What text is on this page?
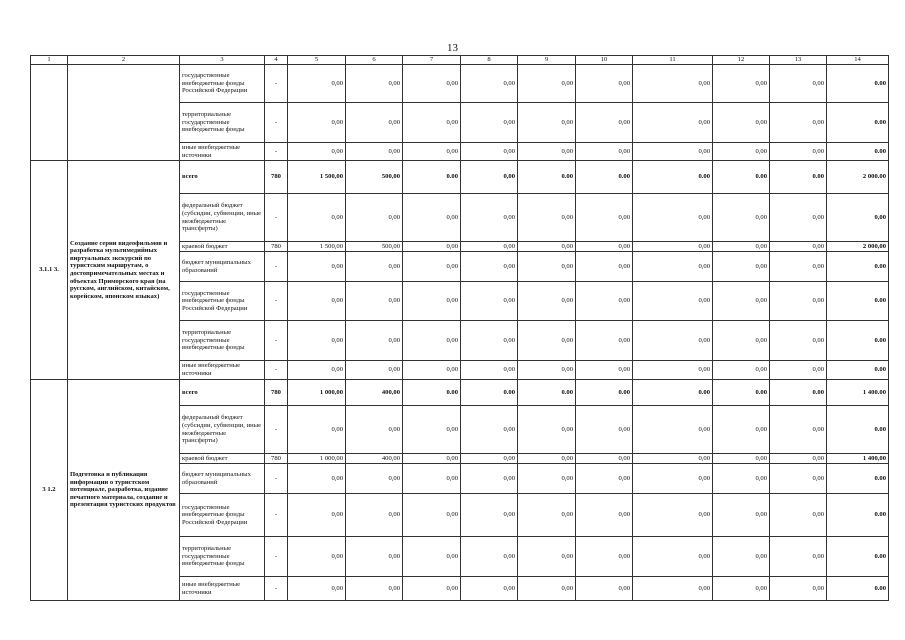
13
1	2	3	4	5	6	7	8	9	10	11	12	13	14
		государственные внебюджетные фонды Российской Федерации	-	0,00	0,00	0,00	0,00	0,00	0,00	0,00	0,00	0,00	0.00
		территориальные государственные внебюджетные фонды	-	0,00	0,00	0,00	0,00	0,00	0,00	0,00	0,00	0,00	0.00
		иные внебюджетные источники	-	0,00	0,00	0,00	0,00	0,00	0,00	0,00	0,00	0,00	0.00
3.1.1 3.	Создание серии видеофильмов и разработка мультимедийных виртуальных экскурсий по туристским маршрутам, о достопримечательных местах и объектах Приморского края (на русском, английском, китайском, корейском, японском языках)	всего	780	1 500,00	500,00	0.00	0,00	0.00	0.00	0.00	0.00	0.00	2 000.00
		федеральный бюджет (субсидии, субвенции, иные межбюджетные трансферты)	-	0,00	0,00	0,00	0,00	0,00	0,00	0,00	0,00	0,00	0,00
		краевой бюджет	780	1 500,00	500,00	0,00	0,00	0,00	0,00	0,00	0,00	0,00	2 000,00
		бюджет муниципальных образований	-	0,00	0,00	0,00	0,00	0,00	0,00	0,00	0,00	0,00	0.00
		государственные внебюджетные фонды Российской Федерации	-	0,00	0,00	0,00	0,00	0,00	0,00	0,00	0,00	0,00	0.00
		территориальные государственные внебюджетные фонды	-	0,00	0,00	0,00	0,00	0,00	0,00	0,00	0,00	0,00	0.00
		иные внебюджетные источники	-	0,00	0,00	0,00	0,00	0,00	0,00	0,00	0,00	0,00	0.00
3 1.2	Подготовка и публикация информации о туристском потенциале, разработка, издание печатного материала, создание и презентация туристских продуктов	всего	780	1 000,00	400,00	0.00	0.00	0.00	0.00	0.00	0.00	0.00	1 400.00
		федеральный бюджет (субсидии, субвенции, иные межбюджетные трансферты)	-	0,00	0,00	0,00	0,00	0,00	0,00	0,00	0,00	0,00	0.00
		краевой бюджет	780	1 000,00	400,00	0,00	0,00	0,00	0,00	0,00	0,00	0,00	1 400,00
		бюджет муниципальных образований	-	0,00	0,00	0,00	0,00	0,00	0,00	0,00	0,00	0,00	0.00
		государственные внебюджетные фонды Российской Федерации	-	0,00	0,00	0,00	0,00	0,00	0,00	0,00	0,00	0,00	0.00
		территориальные государственные внебюджетные фонды	-	0,00	0,00	0,00	0,00	0,00	0,00	0,00	0,00	0,00	0.00
		иные внебюджетные источники	-	0,00	0,00	0,00	0,00	0,00	0,00	0,00	0,00	0,00	0.00
